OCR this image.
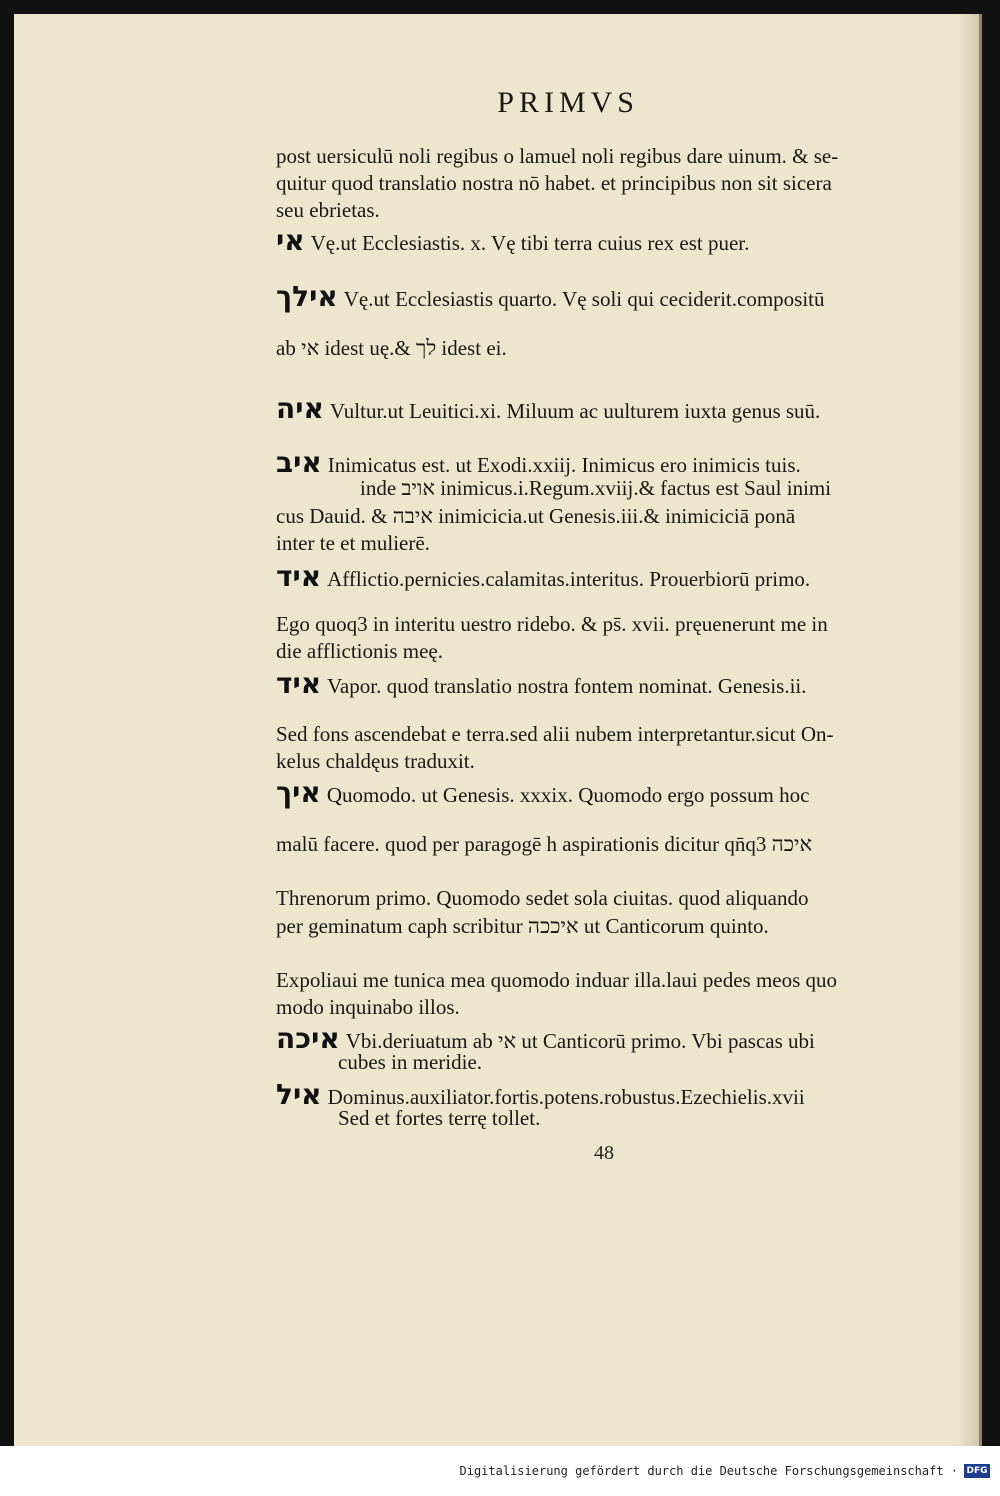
PRIMVS
post uersiculū noli regibus o lamuel noli regibus dare uinum. & se-
quitur quod translatio nostra nō habet. et principibus non sit sicera
seu ebrietas.
אי Vę.ut Ecclesiastis. x. Vę tibi terra cuius rex est puer.
אילך Vę.ut Ecclesiastis quarto. Vę soli qui ceciderit.compositū
ab אי idest uę.& לך idest ei.
איה Vultur.ut Leuitici.xi. Miluum ac uulturem iuxta genus suū.
איב Inimicatus est. ut Exodi.xxiij. Inimicus ero inimicis tuis.
inde אויב inimicus.i.Regum.xviij.& factus est Saul inimi
cus Dauid. & איבה inimicicia.ut Genesis.iii.& inimiciciā ponā
inter te et mulierē.
איד Afflictio.pernicies.calamitas.interitus. Prouerbiorū primo.
Ego quoq3 in interitu uestro ridebo. & ps̄. xvii. pręuenerunt me in
die afflictionis meę.
איד Vapor. quod translatio nostra fontem nominat. Genesis.ii.
Sed fons ascendebat e terra.sed alii nubem interpretantur.sicut On-
kelus chaldęus traduxit.
איך Quomodo. ut Genesis. xxxix. Quomodo ergo possum hoc
malū facere. quod per paragogē h aspirationis dicitur qn̄q3 איכה
Threnorum primo. Quomodo sedet sola ciuitas. quod aliquando
per geminatum caph scribitur איככה ut Canticorum quinto.
Expoliaui me tunica mea quomodo induar illa.laui pedes meos quo
modo inquinabo illos.
איכה Vbi.deriuatum ab אי ut Canticorū primo. Vbi pascas ubi
cubes in meridie.
איל Dominus.auxiliator.fortis.potens.robustus.Ezechielis.xvii
Sed et fortes terrę tollet.
48
Digitalisierung gefördert durch die Deutsche Forschungsgemeinschaft · DFG
